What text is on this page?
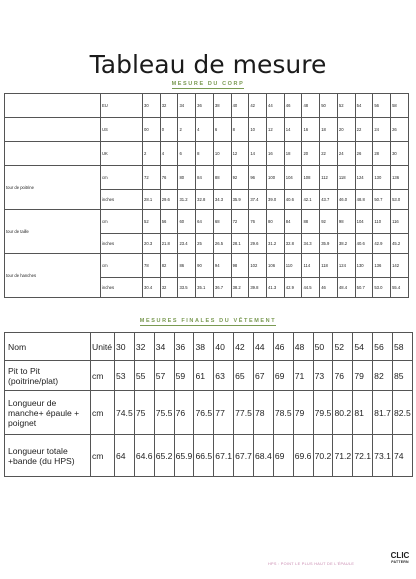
Tableau de mesure
MESURE DU CORP
	EU	30	32	34	36	38	40	42	44	46	48	50	52	54	56	58
	US	00	0	2	4	6	8	10	12	14	16	18	20	22	24	26
	UK	2	4	6	8	10	12	14	16	18	20	22	24	26	28	30
tour de poitrine	cm	72	76	80	84	88	92	96	100	104	108	112	118	124	130	136
	inches	28.1	29.6	31.2	32.8	34.3	35.9	37.4	39.0	40.6	42.1	43.7	46.0	48.8	50.7	53.0
tour de taille	cm	52	56	60	64	68	72	76	80	84	88	92	98	104	110	116
	inches	20.3	21.8	23.4	25	26.5	28.1	29.6	31.2	32.8	34.3	35.9	38.2	40.6	42.9	45.2
tour de hanches	cm	78	82	86	90	94	98	102	106	110	114	118	124	130	136	142
	inches	30.4	32	33.5	35.1	36.7	38.2	39.8	41.3	42.9	44.5	46	48.4	50.7	53.0	55.4
MESURES FINALES DU VÊTEMENT
Nom	Unité	30	32	34	36	38	40	42	44	46	48	50	52	54	56	58
Pit to Pit (poitrine/plat)	cm	53	55	57	59	61	63	65	67	69	71	73	76	79	82	85
Longueur de manche+ épaule + poignet	cm	74.5	75	75.5	76	76.5	77	77.5	78	78.5	79	79.5	80.2	81	81.7	82.5
Longueur totale +bande (du HPS)	cm	64	64.6	65.2	65.9	66.5	67.1	67.7	68.4	69	69.6	70.2	71.2	72.1	73.1	74
HPS : POINT LE PLUS HAUT DE L'ÉPAULE
CLIC
PATTERN
